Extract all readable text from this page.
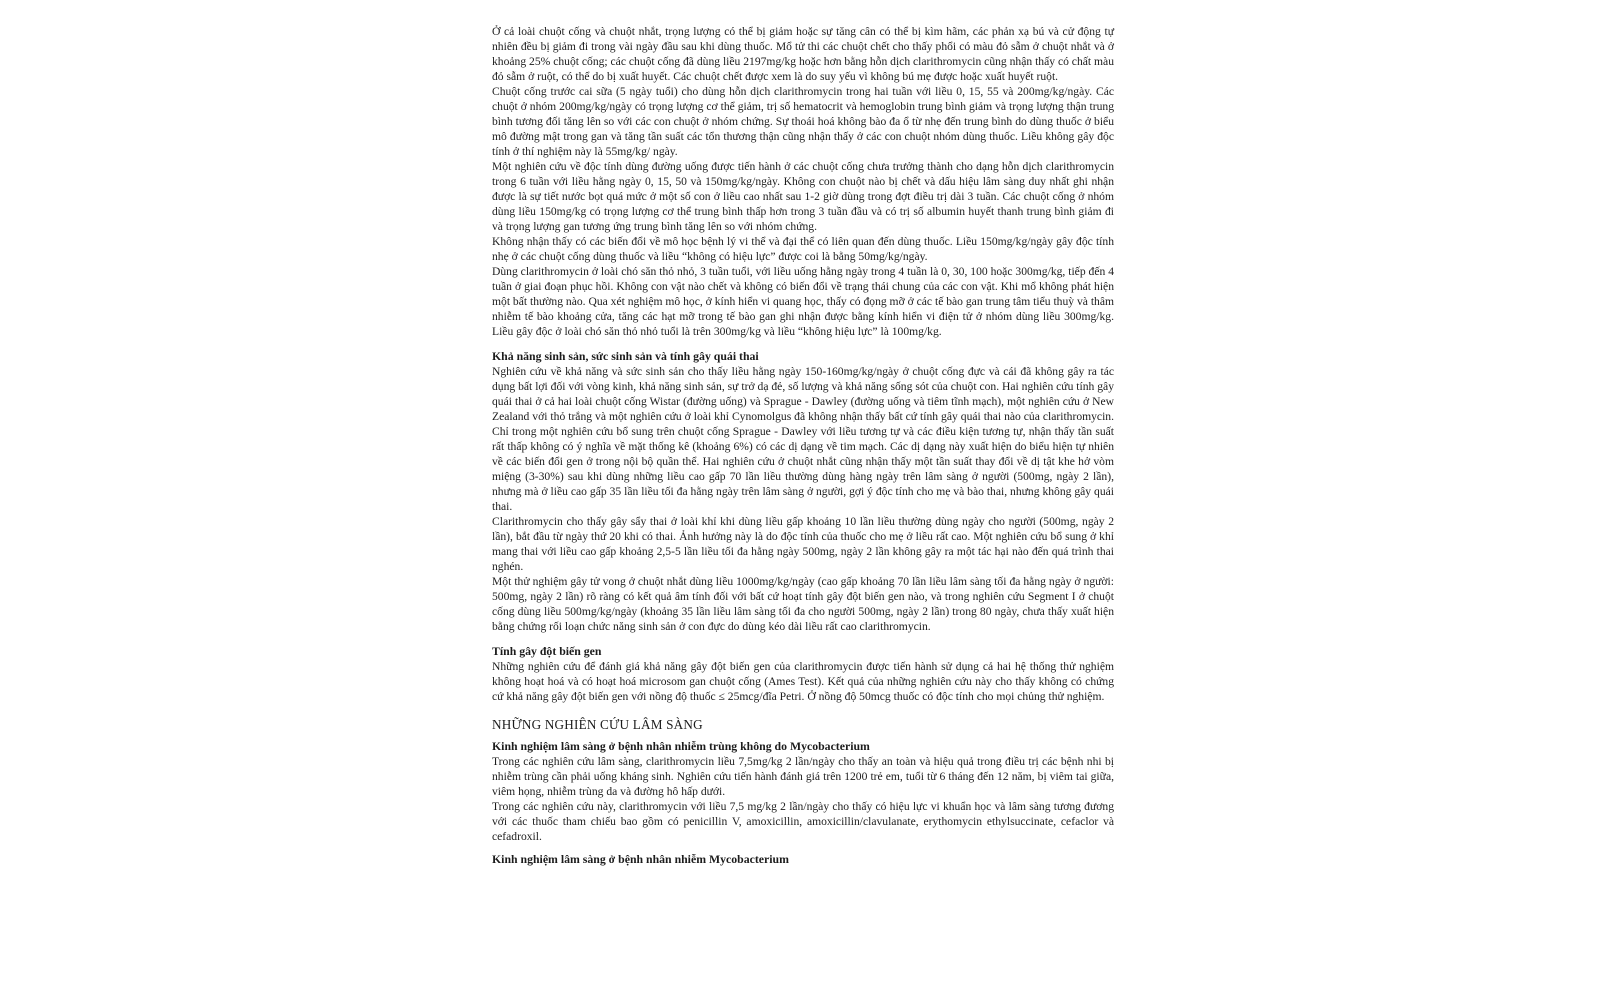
Ở cả loài chuột cống và chuột nhắt, trọng lượng có thể bị giảm hoặc sự tăng cân có thể bị kìm hãm, các phản xạ bú và cử động tự nhiên đều bị giảm đi trong vài ngày đầu sau khi dùng thuốc. Mổ tử thi các chuột chết cho thấy phổi có màu đỏ sẫm ở chuột nhắt và ở khoảng 25% chuột cống; các chuột cống đã dùng liều 2197mg/kg hoặc hơn bằng hỗn dịch clarithromycin cũng nhận thấy có chất màu đỏ sẫm ở ruột, có thể do bị xuất huyết. Các chuột chết được xem là do suy yếu vì không bú mẹ được hoặc xuất huyết ruột.

Chuột cống trước cai sữa (5 ngày tuổi) cho dùng hỗn dịch clarithromycin trong hai tuần với liều 0, 15, 55 và 200mg/kg/ngày. Các chuột ở nhóm 200mg/kg/ngày có trọng lượng cơ thể giảm, trị số hematocrit và hemoglobin trung bình giảm và trọng lượng thận trung bình tương đối tăng lên so với các con chuột ở nhóm chứng. Sự thoái hoá không bào đa ổ từ nhẹ đến trung bình do dùng thuốc ở biểu mô đường mật trong gan và tăng tần suất các tổn thương thận cũng nhận thấy ở các con chuột nhóm dùng thuốc. Liều không gây độc tính ở thí nghiệm này là 55mg/kg/ ngày.

Một nghiên cứu về độc tính dùng đường uống được tiến hành ở các chuột cống chưa trưởng thành cho dạng hỗn dịch clarithromycin trong 6 tuần với liều hằng ngày 0, 15, 50 và 150mg/kg/ngày. Không con chuột nào bị chết và dấu hiệu lâm sàng duy nhất ghi nhận được là sự tiết nước bọt quá mức ở một số con ở liều cao nhất sau 1-2 giờ dùng trong đợt điều trị dài 3 tuần. Các chuột cống ở nhóm dùng liều 150mg/kg có trọng lượng cơ thể trung bình thấp hơn trong 3 tuần đầu và có trị số albumin huyết thanh trung bình giảm đi và trọng lượng gan tương ứng trung bình tăng lên so với nhóm chứng.

Không nhận thấy có các biến đổi về mô học bệnh lý vi thể và đại thể có liên quan đến dùng thuốc. Liều 150mg/kg/ngày gây độc tính nhẹ ở các chuột cống dùng thuốc và liều “không có hiệu lực” được coi là bằng 50mg/kg/ngày.

Dùng clarithromycin ở loài chó săn thỏ nhỏ, 3 tuần tuổi, với liều uống hằng ngày trong 4 tuần là 0, 30, 100 hoặc 300mg/kg, tiếp đến 4 tuần ở giai đoạn phục hồi. Không con vật nào chết và không có biến đổi về trạng thái chung của các con vật. Khi mổ không phát hiện một bất thường nào. Qua xét nghiệm mô học, ở kính hiển vi quang học, thấy có đọng mỡ ở các tế bào gan trung tâm tiểu thuỳ và thâm nhiễm tế bào khoảng cửa, tăng các hạt mỡ trong tế bào gan ghi nhận được bằng kính hiển vi điện tử ở nhóm dùng liều 300mg/kg. Liều gây độc ở loài chó săn thỏ nhỏ tuổi là trên 300mg/kg và liều “không hiệu lực” là 100mg/kg.

Khả năng sinh sản, sức sinh sản và tính gây quái thai

Nghiên cứu về khả năng và sức sinh sản cho thấy liều hằng ngày 150-160mg/kg/ngày ở chuột cống đực và cái đã không gây ra tác dụng bất lợi đối với vòng kinh, khả năng sinh sản, sự trở dạ đẻ, số lượng và khả năng sống sót của chuột con. Hai nghiên cứu tính gây quái thai ở cả hai loài chuột cống Wistar (đường uống) và Sprague - Dawley (đường uống và tiêm tĩnh mạch), một nghiên cứu ở New Zealand với thỏ trắng và một nghiên cứu ở loài khỉ Cynomolgus đã không nhận thấy bất cứ tính gây quái thai nào của clarithromycin. Chỉ trong một nghiên cứu bổ sung trên chuột cống Sprague - Dawley với liều tương tự và các điều kiện tương tự, nhận thấy tần suất rất thấp không có ý nghĩa về mặt thống kê (khoảng 6%) có các dị dạng về tim mạch. Các dị dạng này xuất hiện do biểu hiện tự nhiên về các biến đổi gen ở trong nội bộ quần thể. Hai nghiên cứu ở chuột nhắt cũng nhận thấy một tần suất thay đổi về dị tật khe hở vòm miệng (3-30%) sau khi dùng những liều cao gấp 70 lần liều thường dùng hàng ngày trên lâm sàng ở người (500mg, ngày 2 lần), nhưng mà ở liều cao gấp 35 lần liều tối đa hằng ngày trên lâm sàng ở người, gợi ý độc tính cho mẹ và bào thai, nhưng không gây quái thai.

Clarithromycin cho thấy gây sẩy thai ở loài khỉ khi dùng liều gấp khoảng 10 lần liều thường dùng ngày cho người (500mg, ngày 2 lần), bắt đầu từ ngày thứ 20 khi có thai. Ảnh hưởng này là do độc tính của thuốc cho mẹ ở liều rất cao. Một nghiên cứu bổ sung ở khỉ mang thai với liều cao gấp khoảng 2,5-5 lần liều tối đa hằng ngày 500mg, ngày 2 lần không gây ra một tác hại nào đến quá trình thai nghén.

Một thử nghiệm gây tử vong ở chuột nhắt dùng liều 1000mg/kg/ngày (cao gấp khoảng 70 lần liều lâm sàng tối đa hằng ngày ở người: 500mg, ngày 2 lần) rõ ràng có kết quả âm tính đối với bất cứ hoạt tính gây đột biến gen nào, và trong nghiên cứu Segment I ở chuột cống dùng liều 500mg/kg/ngày (khoảng 35 lần liều lâm sàng tối đa cho người 500mg, ngày 2 lần) trong 80 ngày, chưa thấy xuất hiện bằng chứng rối loạn chức năng sinh sản ở con đực do dùng kéo dài liều rất cao clarithromycin.

Tính gây đột biến gen

Những nghiên cứu để đánh giá khả năng gây đột biến gen của clarithromycin được tiến hành sử dụng cả hai hệ thống thử nghiệm không hoạt hoá và có hoạt hoá microsom gan chuột cống (Ames Test). Kết quả của những nghiên cứu này cho thấy không có chứng cứ khả năng gây đột biến gen với nồng độ thuốc ≤ 25mcg/đĩa Petri. Ở nồng độ 50mcg thuốc có độc tính cho mọi chủng thử nghiệm.

NHỮNG NGHIÊN CỨU LÂM SÀNG

Kinh nghiệm lâm sàng ở bệnh nhân nhiễm trùng không do Mycobacterium

Trong các nghiên cứu lâm sàng, clarithromycin liều 7,5mg/kg 2 lần/ngày cho thấy an toàn và hiệu quả trong điều trị các bệnh nhi bị nhiễm trùng cần phải uống kháng sinh. Nghiên cứu tiến hành đánh giá trên 1200 trẻ em, tuổi từ 6 tháng đến 12 năm, bị viêm tai giữa, viêm họng, nhiễm trùng da và đường hô hấp dưới.

Trong các nghiên cứu này, clarithromycin với liều 7,5 mg/kg 2 lần/ngày cho thấy có hiệu lực vi khuẩn học và lâm sàng tương đương với các thuốc tham chiếu bao gồm có penicillin V, amoxicillin, amoxicillin/clavulanate, erythomycin ethylsuccinate, cefaclor và cefadroxil.

Kinh nghiệm lâm sàng ở bệnh nhân nhiễm Mycobacterium
